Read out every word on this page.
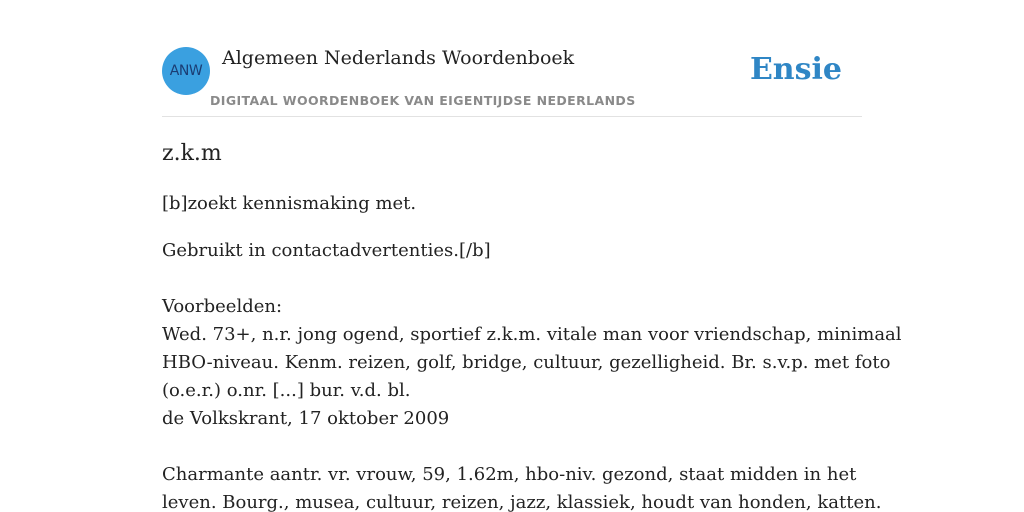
ANW
Algemeen Nederlands Woordenboek
DIGITAAL WOORDENBOEK VAN EIGENTIJDSE NEDERLANDS
Ensie
z.k.m

[b]zoekt kennismaking met.

Gebruikt in contactadvertenties.[/b]
Voorbeelden:
Wed. 73+, n.r. jong ogend, sportief z.k.m. vitale man voor vriendschap, minimaal
HBO-niveau. Kenm. reizen, golf, bridge, cultuur, gezelligheid. Br. s.v.p. met foto
(o.e.r.) o.nr. [...] bur. v.d. bl.
de Volkskrant, 17 oktober 2009
Charmante aantr. vr. vrouw, 59, 1.62m, hbo-niv. gezond, staat midden in het
leven. Bourg., musea, cultuur, reizen, jazz, klassiek, houdt van honden, katten.
